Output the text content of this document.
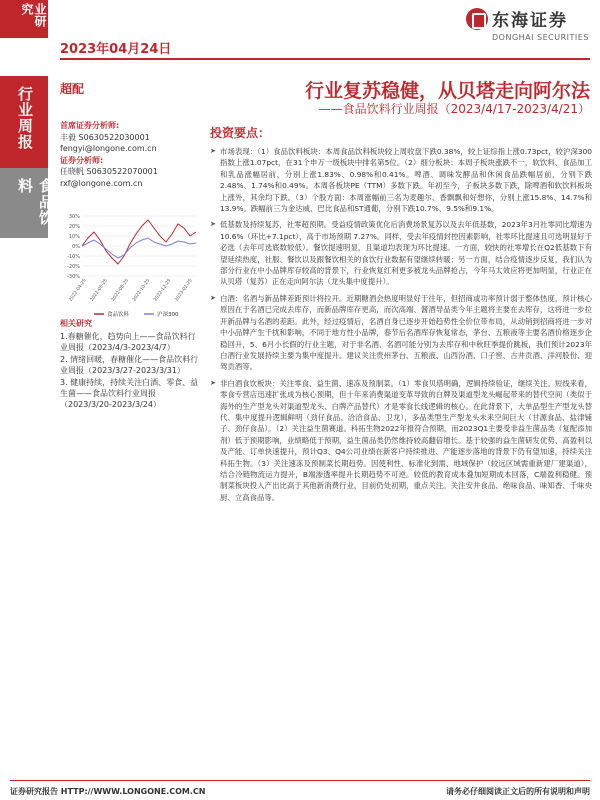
业研究
行业周报
食品饮料
2023年04月24日
东海证券
DONGHAI SECURITIES
超配	行业复苏稳健，从贝塔走向阿尔法
——食品饮料行业周报（2023/4/17-2023/4/21）
首席证券分析师:
丰毅 S0630522030001
fengyi@longone.com.cn
证券分析师:
任晓帆 S0630522070001
rxf@longone.com.cn
30%
20%
10%
0%
-10%
-20%
-30%
2022-04-25 2022-06-25 2022-08-25 2022-10-25 2022-12-25 2023-02-25
食品饮料	沪深300
相关研究

1.春糖催化，趋势向上——食品饮料行业周报（2023/4/3-2023/4/7）

2. 情绪回暖，春糖催化——食品饮料行业周报（2023/3/27-2023/3/31）

3. 健康持续，持续关注白酒、零食、益生菌——食品饮料行业周报（2023/3/20-2023/3/24）

投资要点：
➤ 市场表现：（1）食品饮料板块：本周食品饮料板块较上周收盘下跌0.38%，较上证综指上涨0.73pct，较沪深300指数上涨1.07pct，在31个申万一级板块中排名第5位。（2）细分板块：本周子板块涨跌不一，软饮料、食品加工和乳品涨幅居前，分别上涨1.83%、0.98%和0.41%。啤酒、调味发酵品和休闲食品跌幅居前，分别下跌2.48%、1.74%和0.49%。本周各板块PE（TTM）多数下跌。年初至今，子板块多数下跌，除啤酒和软饮料板块上涨外，其余均下跌。（3）个股方面：本周涨幅前三名为麦趣尔、香飘飘和好想你，分别上涨15.8%、14.7%和13.9%。跌幅前三为金达威、巴比食品和ST通葡，分别下跌10.7%、9.5%和9.1%。
➤ 低基数及持续复苏，社零超预期。受益疫情政策优化后消费场景复苏以及去年低基数，2023年3月社零同比增速为10.6%（环比+7.1pct），高于市场预期 7.27%。同样，受去年疫情封控因素影响，社零环比提速且可选明显好于必选（去年可选底数较低）。餐饮提速明显，且渠道均表现为环比提速。一方面，较快的社零增长在Q2低基数下有望延续热度，社服、餐饮以及跟餐饮相关的食饮行业数据有望继续转暖；另一方面，结合疫情逐步反复，我们认为部分行业在中小品牌库存较高的背景下，行业恢复红利更多被龙头品牌抢占，今年马太效应将更加明显，行业正在从贝塔（复苏）正在走向阿尔法（龙头集中度提升）。
➤ 白酒：名酒与新品牌差距预计将拉开。近期糖酒会热度明显好于往年，但招商或功率预计弱于整体热度，预计核心原因在于名酒已完成去库存，而新品牌库存更高，而次高端、酱酒导品类今年主题将主要在去库存，这将进一步拉开新品牌与名酒的差距。此外，经过疫情后，名酒自身已逐步开始趋势性全价位带布局，从动销到招商将进一步对中小品牌产生干扰和影响，不同于地方性小品牌，春节后名酒库存恢复常态，茅台、五粮液等主要名酒价格逐步企稳回升，5、6月小长假的行业主题，对于非名酒、名酒可能分别为去库存和中秋旺季提价跳板，我们预计2023年白酒行业发展持续主要为集中度提升。建议关注贵州茅台、五粮液、山西汾酒、口子窖、古井贡酒、洋河股份、迎驾贡酒等。
➤ 非白酒食饮板块：关注零食、益生菌、速冻及预制菜。（1）零食贝塔明确，逻辑持续验证，继续关注。短线来看，零食专营店迅速扩张成为核心预期，但十年来消费渠道变革导致的白牌及渠道型龙头崛起带来的替代空间（类似于海外的生产型龙头对渠道型龙头、白牌产品替代）才是零食长线逻辑的核心。在此背景下，大单品型生产型龙头替代、集中度提升逻辑鲜明（劲仔食品、洽洽食品、卫龙），多品类型生产型龙头未来空间巨大（甘源食品、盐津铺子、劲仔食品）。（2）关注益生菌赛道。科拓生物2022年报符合预期，而2023Q1主要受非益生菌品类（复配添加剂）低于预期影响，业绩略低于预期，益生菌品类仍然维持较高翻倍增长。基于较强的益生菌研发优势、高盈利以及产能、订单快速提升，预计Q3、Q4公司业绩在新客户持续推进、产能逐步落地的背景下仍有望加速，持续关注科拓生物。（3）关注速冻及预制菜长期趋势。因使利性、标准化到需、地域保护（较远区域需重新建厂建渠道），结合冷链物流运力提升，B端渗透率提升长期趋势不可逆。较低的教育成本叠加短期成本回落，C端盈利稳健。预制菜板块投入产出比高于其他新消费行业，目前仍处初期，重点关注。关注安井食品、绝味食品、味知香、千味央厨、立高食品等。
证券研究报告 HTTP://WWW.LONGONE.COM.CN	请务必仔细阅读正文后的所有说明和声明
